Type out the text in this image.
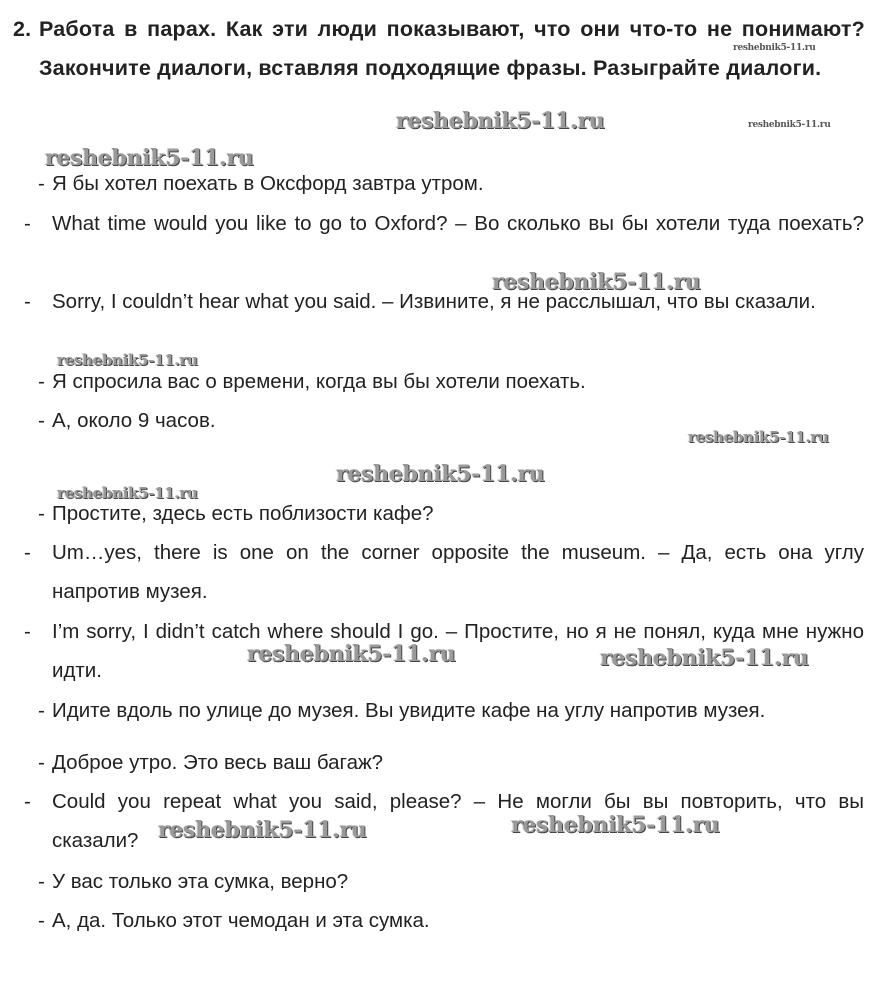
2. Работа в парах. Как эти люди показывают, что они что-то не понимают? Закончите диалоги, вставляя подходящие фразы. Разыграйте диалоги.
- Я бы хотел поехать в Оксфорд завтра утром.
- What time would you like to go to Oxford? – Во сколько вы бы хотели туда поехать?
- Sorry, I couldn’t hear what you said. – Извините, я не расслышал, что вы сказали.
- Я спросила вас о времени, когда вы бы хотели поехать.
- А, около 9 часов.
- Простите, здесь есть поблизости кафе?
- Um…yes, there is one on the corner opposite the museum. – Да, есть она углу напротив музея.
- I’m sorry, I didn’t catch where should I go. – Простите, но я не понял, куда мне нужно идти.
- Идите вдоль по улице до музея. Вы увидите кафе на углу напротив музея.
- Доброе утро. Это весь ваш багаж?
- Could you repeat what you said, please? – Не могли бы вы повторить, что вы сказали?
- У вас только эта сумка, верно?
- А, да. Только этот чемодан и эта сумка.
reshebnik5-11.ru
reshebnik5-11.ru	reshebnik5-11.ru
reshebnik5-11.ru
reshebnik5-11.ru
reshebnik5-11.ru
reshebnik5-11.ru
reshebnik5-11.ru
reshebnik5-11.ru
reshebnik5-11.ru	reshebnik5-11.ru
reshebnik5-11.ru
reshebnik5-11.ru
